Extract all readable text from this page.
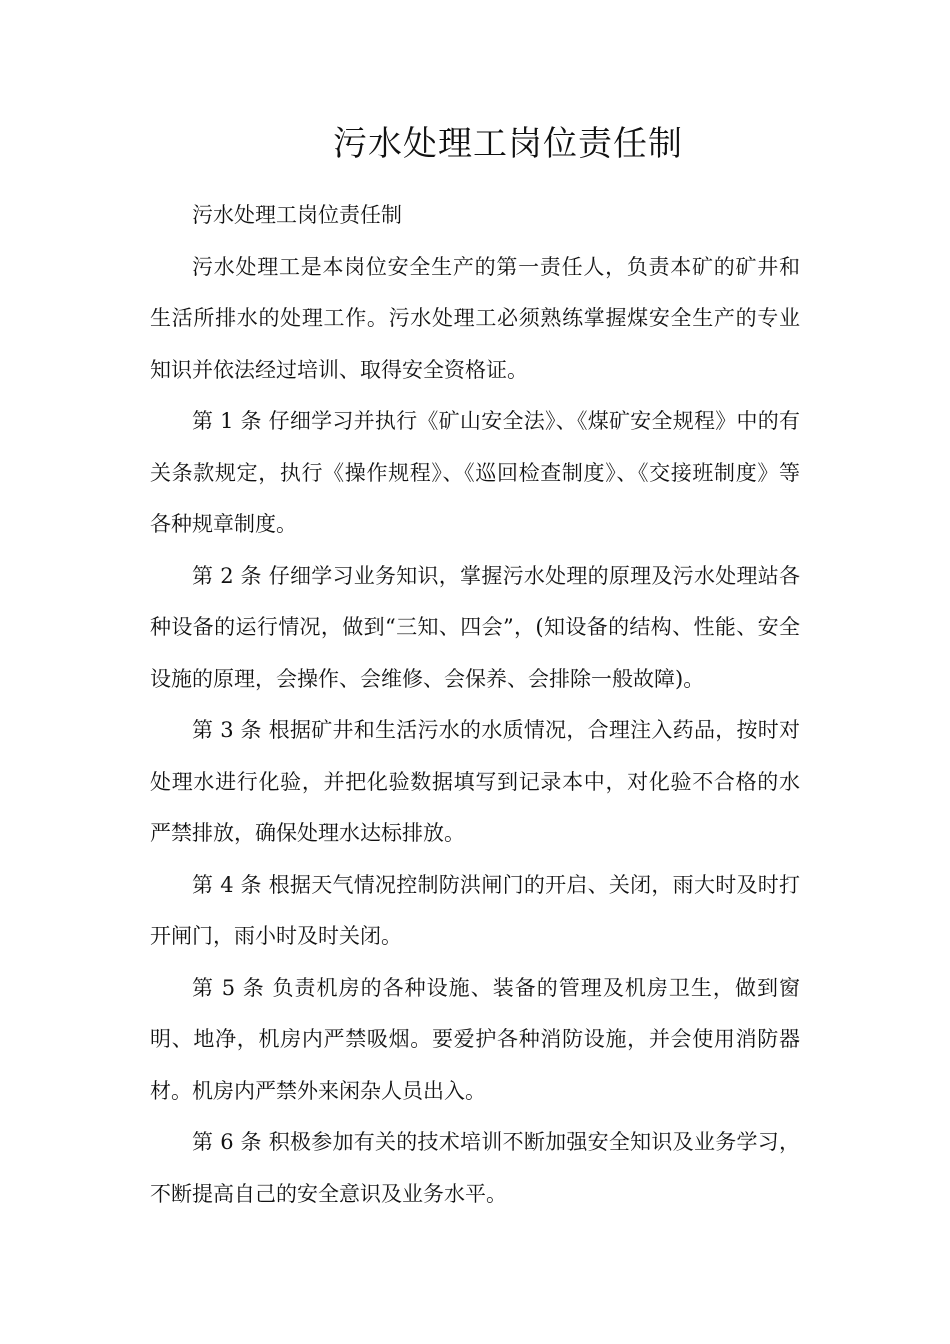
污水处理工岗位责任制

污水处理工岗位责任制

污水处理工是本岗位安全生产的第一责任人，负责本矿的矿井和生活所排水的处理工作。污水处理工必须熟练掌握煤安全生产的专业知识并依法经过培训、取得安全资格证。

第 1 条 仔细学习并执行《矿山安全法》、《煤矿安全规程》中的有关条款规定，执行《操作规程》、《巡回检查制度》、《交接班制度》等各种规章制度。

第 2 条 仔细学习业务知识，掌握污水处理的原理及污水处理站各种设备的运行情况，做到“三知、四会”，(知设备的结构、性能、安全设施的原理，会操作、会维修、会保养、会排除一般故障)。

第 3 条 根据矿井和生活污水的水质情况，合理注入药品，按时对处理水进行化验，并把化验数据填写到记录本中，对化验不合格的水严禁排放，确保处理水达标排放。

第 4 条 根据天气情况控制防洪闸门的开启、关闭，雨大时及时打开闸门，雨小时及时关闭。

第 5 条 负责机房的各种设施、装备的管理及机房卫生，做到窗明、地净，机房内严禁吸烟。要爱护各种消防设施，并会使用消防器材。机房内严禁外来闲杂人员出入。

第 6 条 积极参加有关的技术培训不断加强安全知识及业务学习，不断提高自己的安全意识及业务水平。
